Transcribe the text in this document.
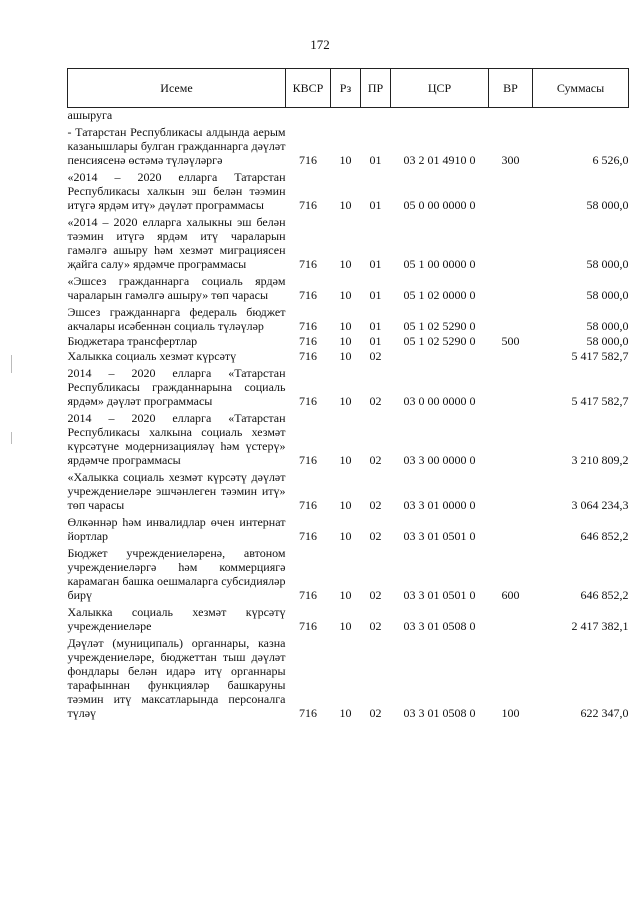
172
Исеме	КВСР	Рз	ПР	ЦСР	ВР	Суммасы
ашыруга						
- Татарстан Республикасы алдында аерым казанышлары булган гражданнарга дәүләт пенсиясенә өстәмә түләүләргә	716	10	01	03 2 01 4910 0	300	6 526,0
«2014 – 2020 елларга Татарстан Республикасы халкын эш белән тәэмин итүгә ярдәм итү» дәүләт программасы	716	10	01	05 0 00 0000 0		58 000,0
«2014 – 2020 елларга халыкны эш белән тәэмин итүгә ярдәм итү чараларын гамәлгә ашыру һәм хезмәт миграциясен җайга салу» ярдәмче программасы	716	10	01	05 1 00 0000 0		58 000,0
«Эшсез гражданнарга социаль ярдәм чараларын гамәлгә ашыру» төп чарасы	716	10	01	05 1 02 0000 0		58 000,0
Эшсез гражданнарга федераль бюджет акчалары исәбеннән социаль түләүләр	716	10	01	05 1 02 5290 0		58 000,0
Бюджетара трансфертлар	716	10	01	05 1 02 5290 0	500	58 000,0
Халыкка социаль хезмәт күрсәтү	716	10	02			5 417 582,7
2014 – 2020 елларга «Татарстан Республикасы гражданнарына социаль ярдәм» дәүләт программасы	716	10	02	03 0 00 0000 0		5 417 582,7
2014 – 2020 елларга «Татарстан Республикасы халкына социаль хезмәт күрсәтүне модернизацияләү һәм үстерү» ярдәмче программасы	716	10	02	03 3 00 0000 0		3 210 809,2
«Халыкка социаль хезмәт күрсәтү дәүләт учреждениеләре эшчәнлеген тәэмин итү» төп чарасы	716	10	02	03 3 01 0000 0		3 064 234,3
Өлкәннәр һәм инвалидлар өчен интернат йортлар	716	10	02	03 3 01 0501 0		646 852,2
Бюджет учреждениеләренә, автоном учреждениеләргә һәм коммерциягә карамаган башка оешмаларга субсидияләр бирү	716	10	02	03 3 01 0501 0	600	646 852,2
Халыкка социаль хезмәт күрсәтү учреждениеләре	716	10	02	03 3 01 0508 0		2 417 382,1
Дәүләт (муниципаль) органнары, казна учреждениеләре, бюджеттан тыш дәүләт фондлары белән идарә итү органнары тарафыннан функцияләр башкаруны тәэмин итү максатларында персоналга түләү	716	10	02	03 3 01 0508 0	100	622 347,0
